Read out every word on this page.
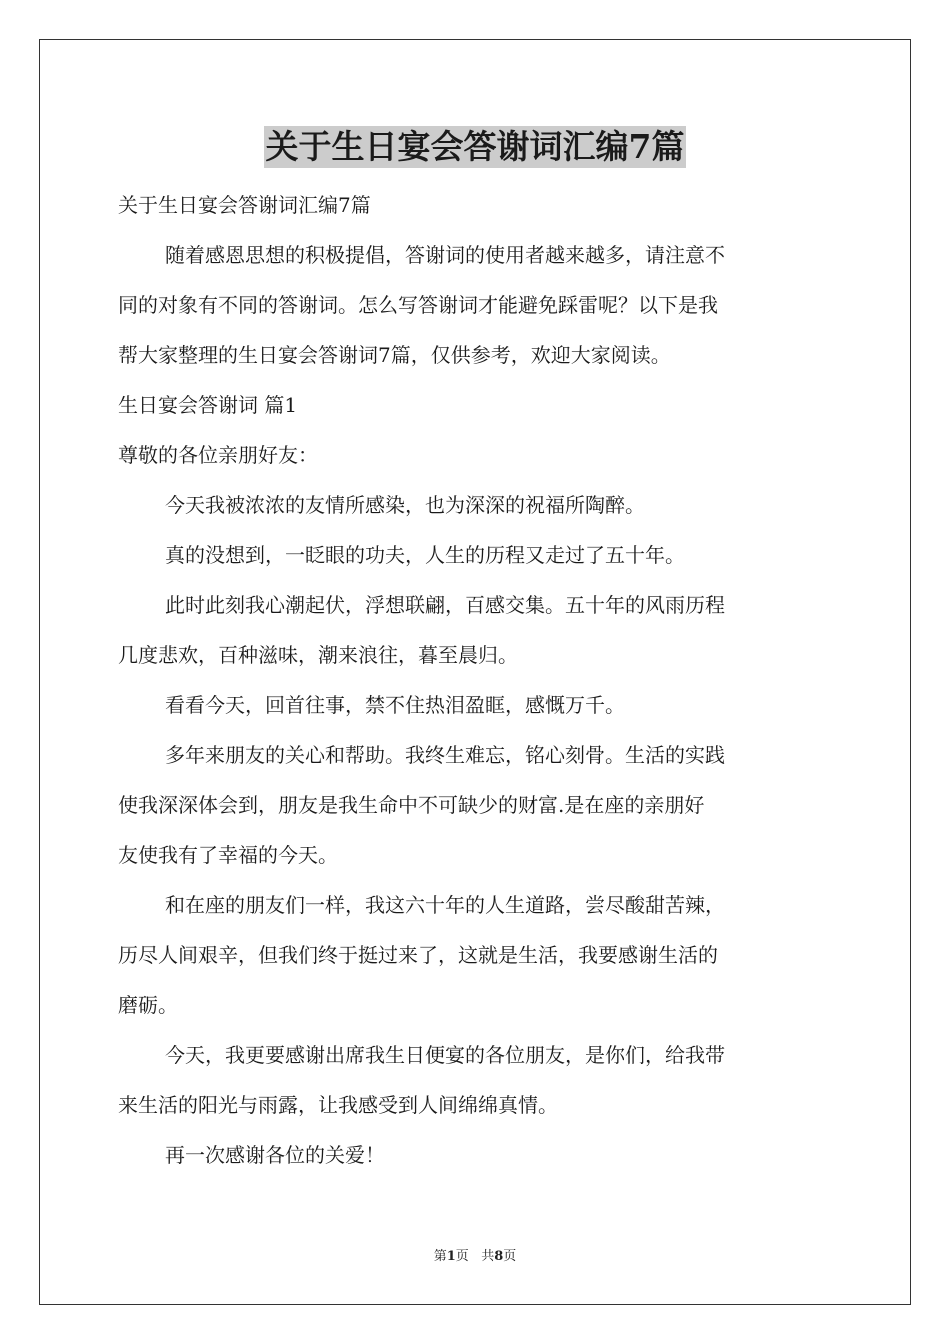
关于生日宴会答谢词汇编7篇
关于生日宴会答谢词汇编7篇
随着感恩思想的积极提倡，答谢词的使用者越来越多，请注意不
同的对象有不同的答谢词。怎么写答谢词才能避免踩雷呢？以下是我
帮大家整理的生日宴会答谢词7篇，仅供参考，欢迎大家阅读。
生日宴会答谢词 篇1
尊敬的各位亲朋好友：
今天我被浓浓的友情所感染，也为深深的祝福所陶醉。
真的没想到，一眨眼的功夫，人生的历程又走过了五十年。
此时此刻我心潮起伏，浮想联翩，百感交集。五十年的风雨历程
几度悲欢，百种滋味，潮来浪往，暮至晨归。
看看今天，回首往事，禁不住热泪盈眶，感慨万千。
多年来朋友的关心和帮助。我终生难忘，铭心刻骨。生活的实践
使我深深体会到，朋友是我生命中不可缺少的财富.是在座的亲朋好
友使我有了幸福的今天。
和在座的朋友们一样，我这六十年的人生道路，尝尽酸甜苦辣，
历尽人间艰辛，但我们终于挺过来了，这就是生活，我要感谢生活的
磨砺。
今天，我更要感谢出席我生日便宴的各位朋友，是你们，给我带
来生活的阳光与雨露，让我感受到人间绵绵真情。
再一次感谢各位的关爱！
第1页 共8页
